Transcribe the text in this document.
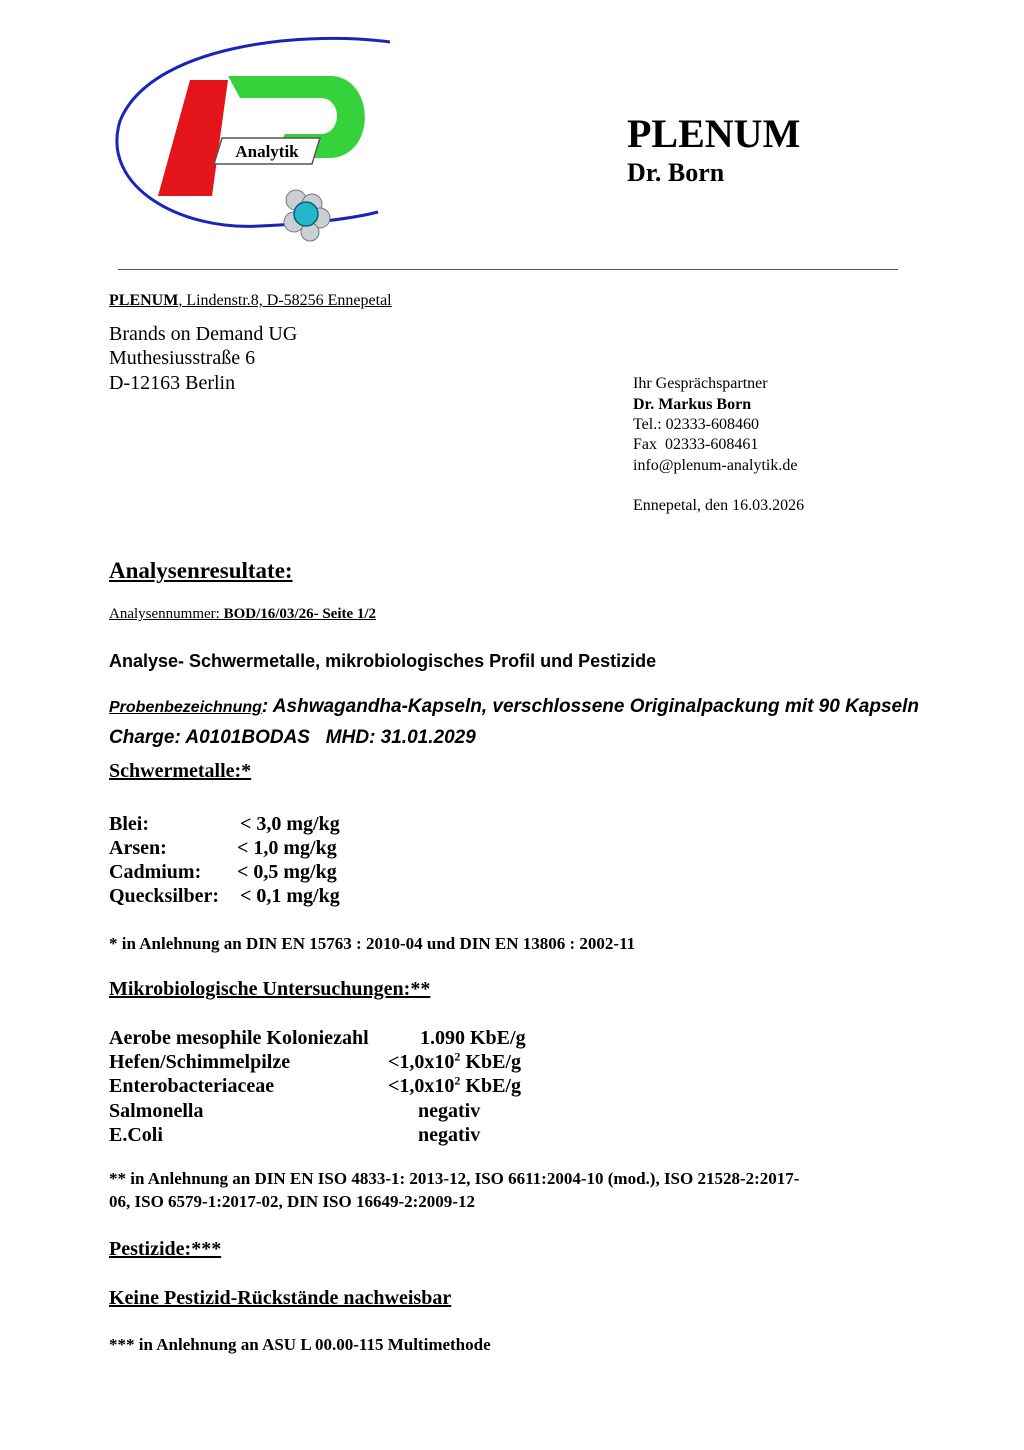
Analytik	PLENUM
Dr. Born
PLENUM, Lindenstr.8, D-58256 Ennepetal
Brands on Demand UG
Muthesiusstraße 6
D-12163 Berlin	Ihr Gesprächspartner
Dr. Markus Born
Tel.: 02333-608460
Fax  02333-608461
info@plenum-analytik.de
Ennepetal, den 16.03.2026
Analysenresultate:
Analysennummer: BOD/16/03/26- Seite 1/2
Analyse- Schwermetalle, mikrobiologisches Profil und Pestizide
Probenbezeichnung: Ashwagandha-Kapseln, verschlossene Originalpackung mit 90 Kapseln
Charge: A0101BODAS   MHD: 31.01.2029
Schwermetalle:*
Blei:	< 3,0 mg/kg
Arsen:	< 1,0 mg/kg
Cadmium: < 0,5 mg/kg
Quecksilber: < 0,1 mg/kg
* in Anlehnung an DIN EN 15763 : 2010-04 und DIN EN 13806 : 2002-11
Mikrobiologische Untersuchungen:**
Aerobe mesophile Koloniezahl	1.090 KbE/g
Hefen/Schimmelpilze	$<1,0x10^2$ KbE/g
Enterobacteriaceae	$<1,0x10^2$ KbE/g
Salmonella	negativ
E.Coli	negativ
** in Anlehnung an DIN EN ISO 4833-1: 2013-12, ISO 6611:2004-10 (mod.), ISO 21528-2:2017-
06, ISO 6579-1:2017-02, DIN ISO 16649-2:2009-12
Pestizide:***
Keine Pestizid-Rückstände nachweisbar
*** in Anlehnung an ASU L 00.00-115 Multimethode
